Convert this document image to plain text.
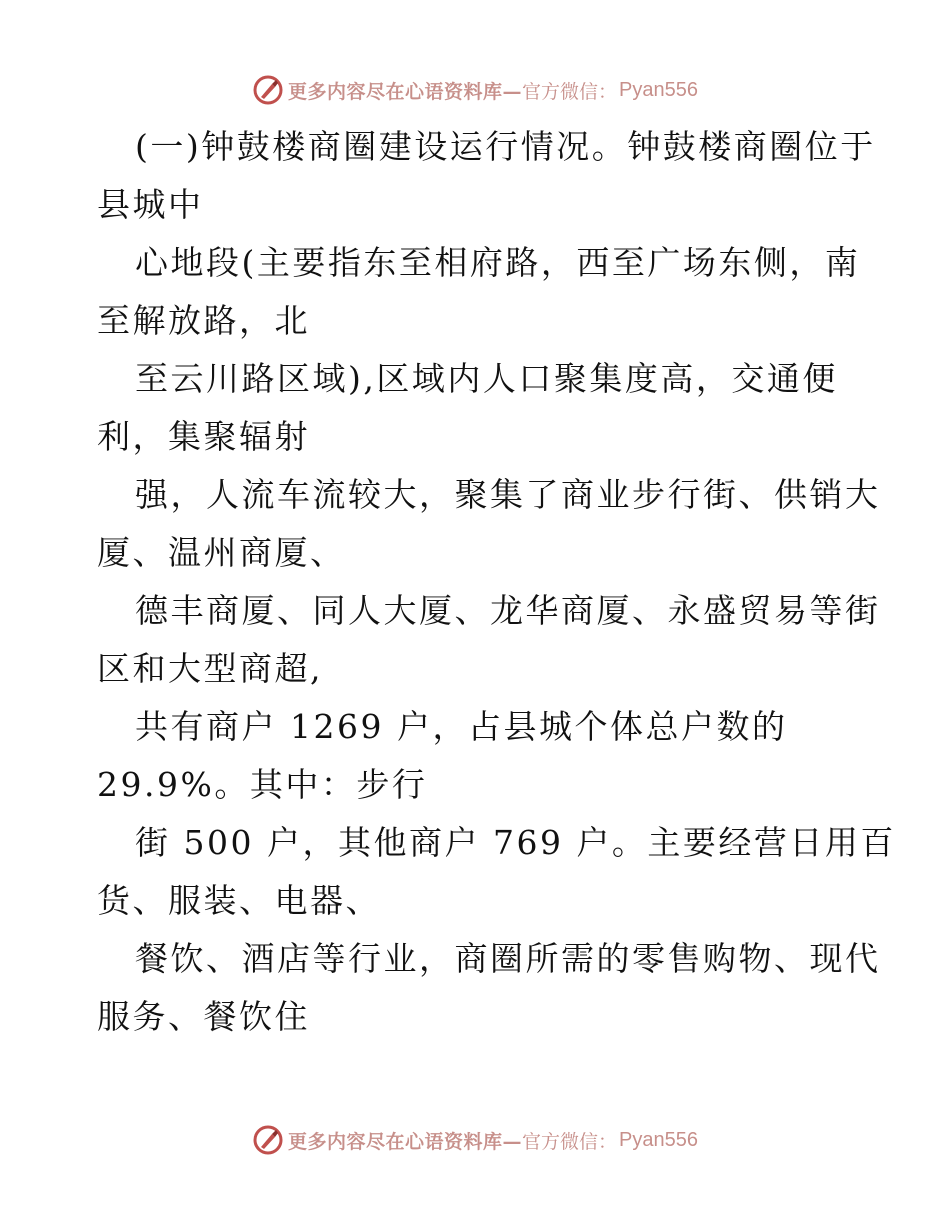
更多内容尽在心语资料库— 官方微信： Pyan556
(一)钟鼓楼商圈建设运行情况。钟鼓楼商圈位于
县城中
心地段(主要指东至相府路，西至广场东侧，南
至解放路，北
至云川路区域),区域内人口聚集度高，交通便
利，集聚辐射
强，人流车流较大，聚集了商业步行街、供销大
厦、温州商厦、
德丰商厦、同人大厦、龙华商厦、永盛贸易等街
区和大型商超,
共有商户 1269 户，占县城个体总户数的
29.9%。其中：步行
街 500 户，其他商户 769 户。主要经营日用百
货、服装、电器、
餐饮、酒店等行业，商圈所需的零售购物、现代
服务、餐饮住
更多内容尽在心语资料库— 官方微信： Pyan556
